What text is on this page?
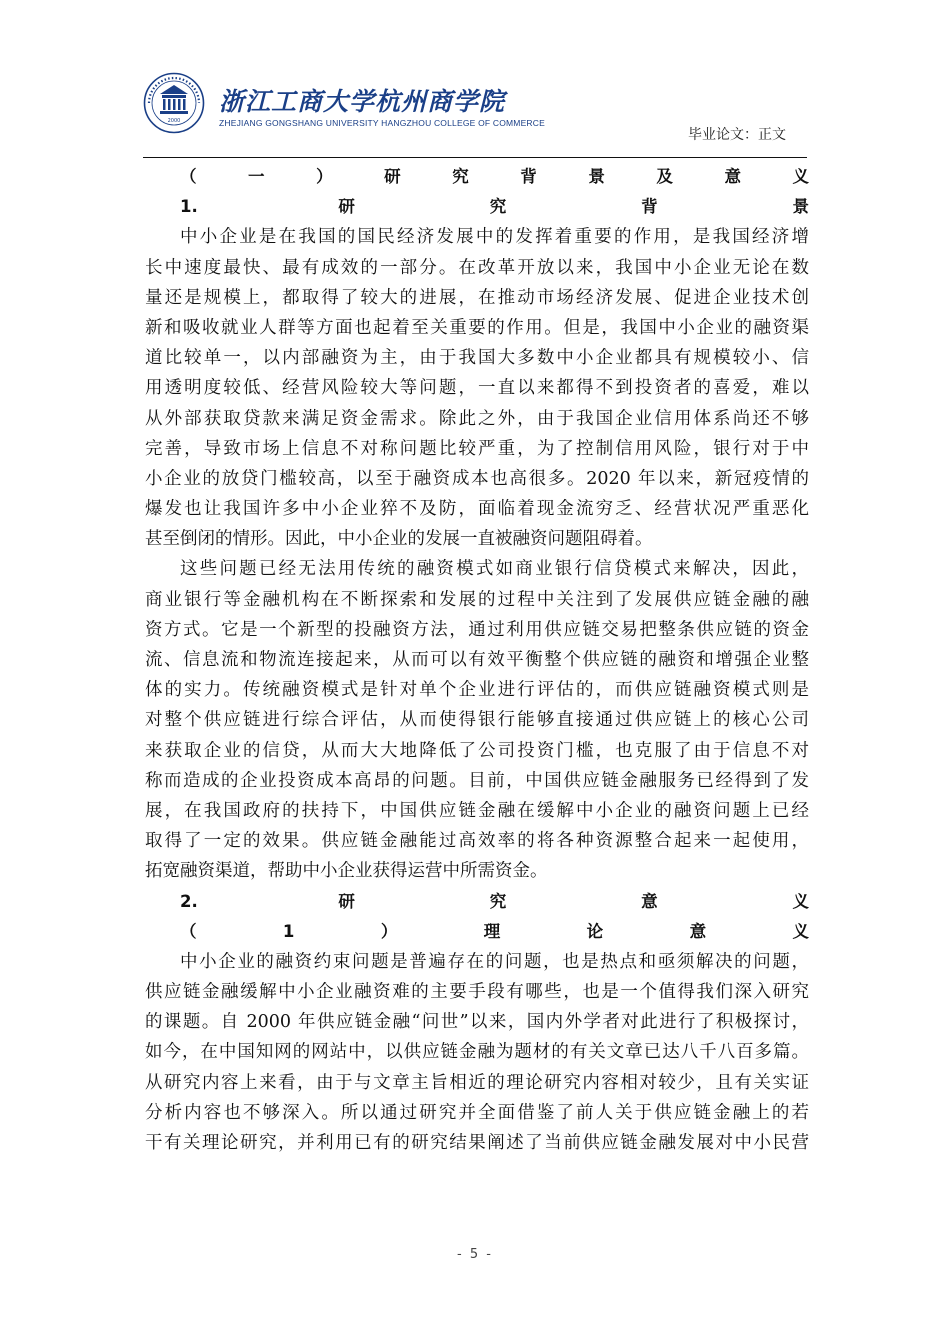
2000
浙江工商大学杭州商学院
ZHEJIANG GONGSHANG UNIVERSITY HANGZHOU COLLEGE OF COMMERCE
毕业论文：正文
（一）研究背景及意义
1. 研究背景
中小企业是在我国的国民经济发展中的发挥着重要的作用，是我国经济增
长中速度最快、最有成效的一部分。在改革开放以来，我国中小企业无论在数
量还是规模上，都取得了较大的进展，在推动市场经济发展、促进企业技术创
新和吸收就业人群等方面也起着至关重要的作用。但是，我国中小企业的融资渠
道比较单一，以内部融资为主，由于我国大多数中小企业都具有规模较小、信
用透明度较低、经营风险较大等问题，一直以来都得不到投资者的喜爱，难以
从外部获取贷款来满足资金需求。除此之外，由于我国企业信用体系尚还不够
完善，导致市场上信息不对称问题比较严重，为了控制信用风险，银行对于中
小企业的放贷门槛较高，以至于融资成本也高很多。2020 年以来，新冠疫情的
爆发也让我国许多中小企业猝不及防，面临着现金流穷乏、经营状况严重恶化
甚至倒闭的情形。因此，中小企业的发展一直被融资问题阻碍着。
这些问题已经无法用传统的融资模式如商业银行信贷模式来解决，因此，
商业银行等金融机构在不断探索和发展的过程中关注到了发展供应链金融的融
资方式。它是一个新型的投融资方法，通过利用供应链交易把整条供应链的资金
流、信息流和物流连接起来，从而可以有效平衡整个供应链的融资和增强企业整
体的实力。传统融资模式是针对单个企业进行评估的，而供应链融资模式则是
对整个供应链进行综合评估，从而使得银行能够直接通过供应链上的核心公司
来获取企业的信贷，从而大大地降低了公司投资门槛，也克服了由于信息不对
称而造成的企业投资成本高昂的问题。目前，中国供应链金融服务已经得到了发
展，在我国政府的扶持下，中国供应链金融在缓解中小企业的融资问题上已经
取得了一定的效果。供应链金融能过高效率的将各种资源整合起来一起使用，
拓宽融资渠道，帮助中小企业获得运营中所需资金。
2. 研究意义
（1）理论意义
中小企业的融资约束问题是普遍存在的问题，也是热点和亟须解决的问题，
供应链金融缓解中小企业融资难的主要手段有哪些，也是一个值得我们深入研究
的课题。自 2000 年供应链金融“问世”以来，国内外学者对此进行了积极探讨，
如今，在中国知网的网站中，以供应链金融为题材的有关文章已达八千八百多篇。
从研究内容上来看，由于与文章主旨相近的理论研究内容相对较少，且有关实证
分析内容也不够深入。所以通过研究并全面借鉴了前人关于供应链金融上的若
干有关理论研究，并利用已有的研究结果阐述了当前供应链金融发展对中小民营
- 5 -
